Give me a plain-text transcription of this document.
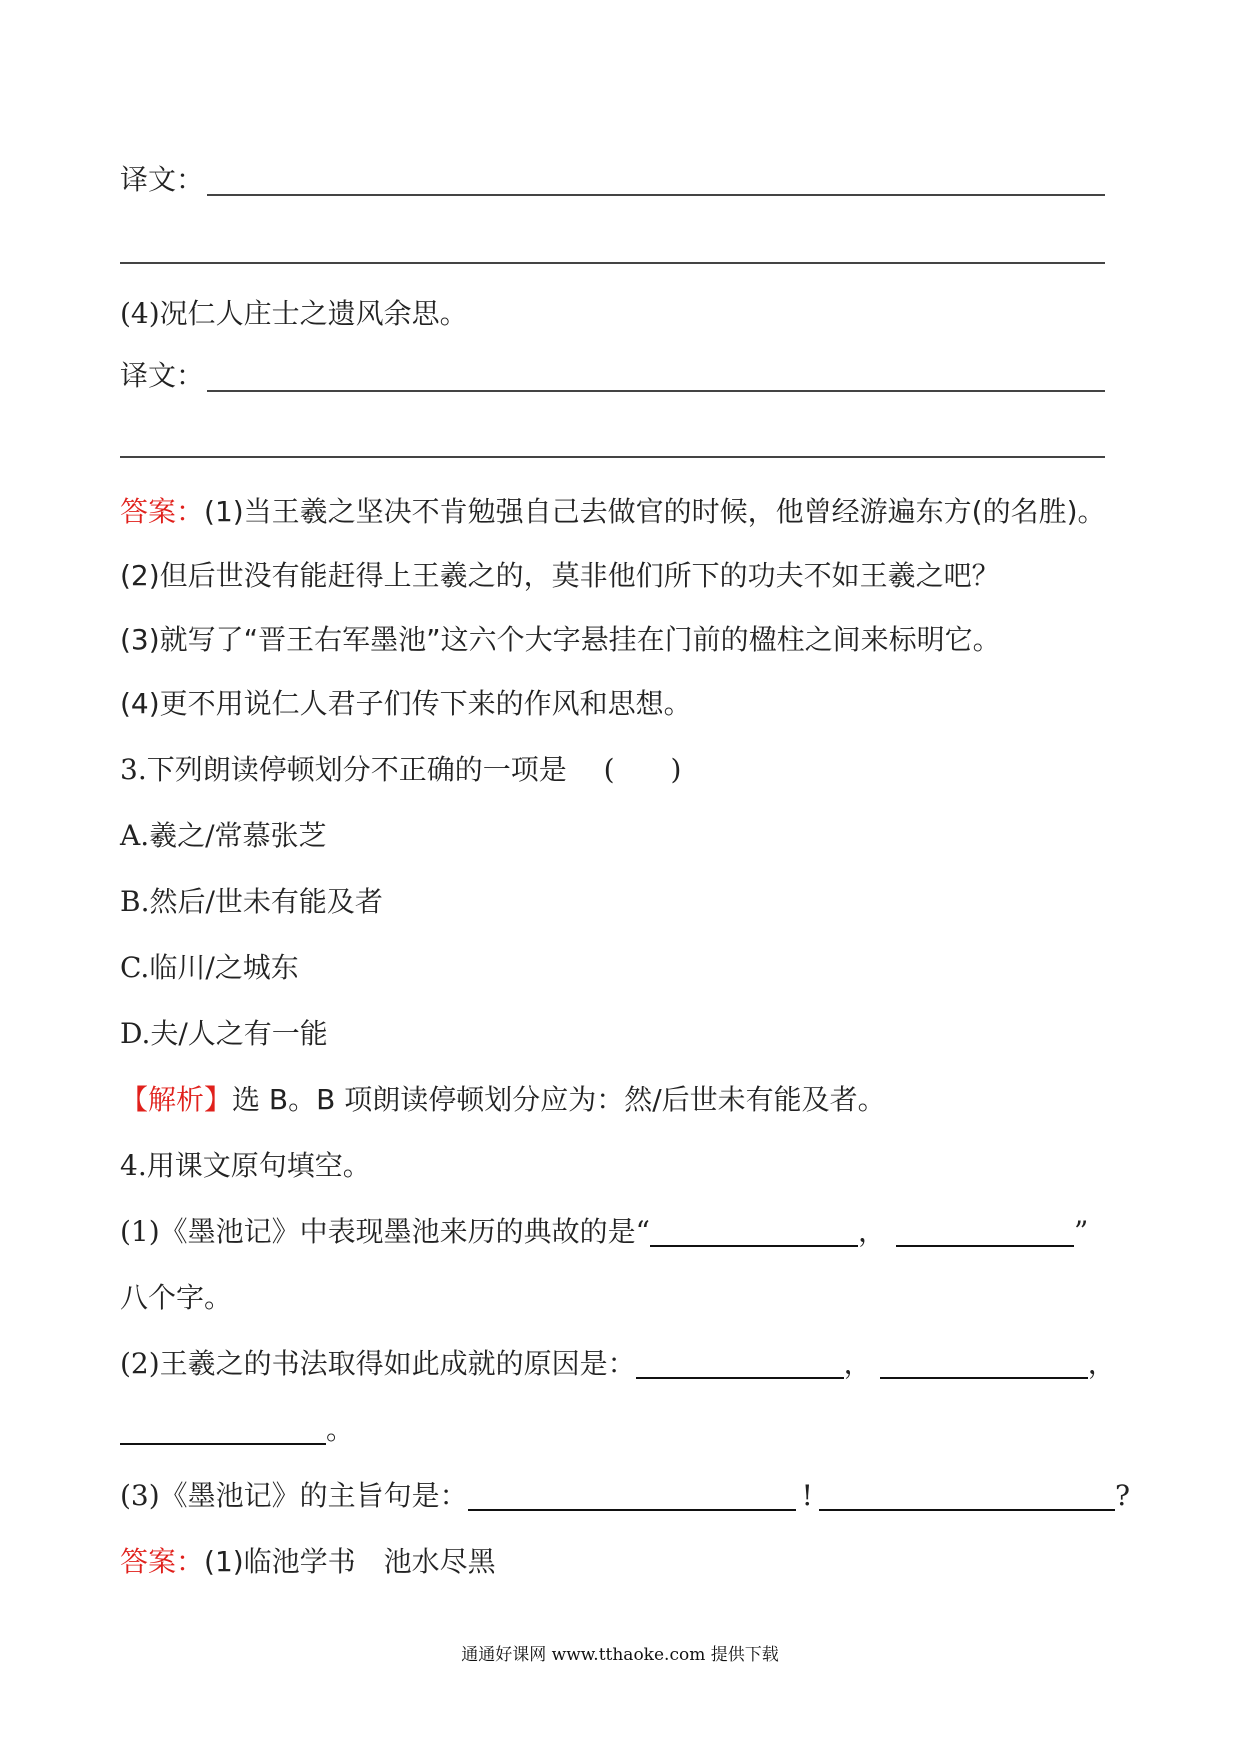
译文：
(4)况仁人庄士之遗风余思。
译文：
答案：(1)当王羲之坚决不肯勉强自己去做官的时候，他曾经游遍东方(的名胜)。
(2)但后世没有能赶得上王羲之的，莫非他们所下的功夫不如王羲之吧？
(3)就写了“晋王右军墨池”这六个大字悬挂在门前的楹柱之间来标明它。
(4)更不用说仁人君子们传下来的作风和思想。
3.下列朗读停顿划分不正确的一项是 (　　)
A.羲之/常慕张芝
B.然后/世未有能及者
C.临川/之城东
D.夫/人之有一能
【解析】选 B。B 项朗读停顿划分应为：然/后世未有能及者。
4.用课文原句填空。
(1)《墨池记》中表现墨池来历的典故的是“	，	”
八个字。
(2)王羲之的书法取得如此成就的原因是：	，	，
。
(3)《墨池记》的主旨句是：	!	?
答案：(1)临池学书　池水尽黑
通通好课网 www.tthaoke.com 提供下载
